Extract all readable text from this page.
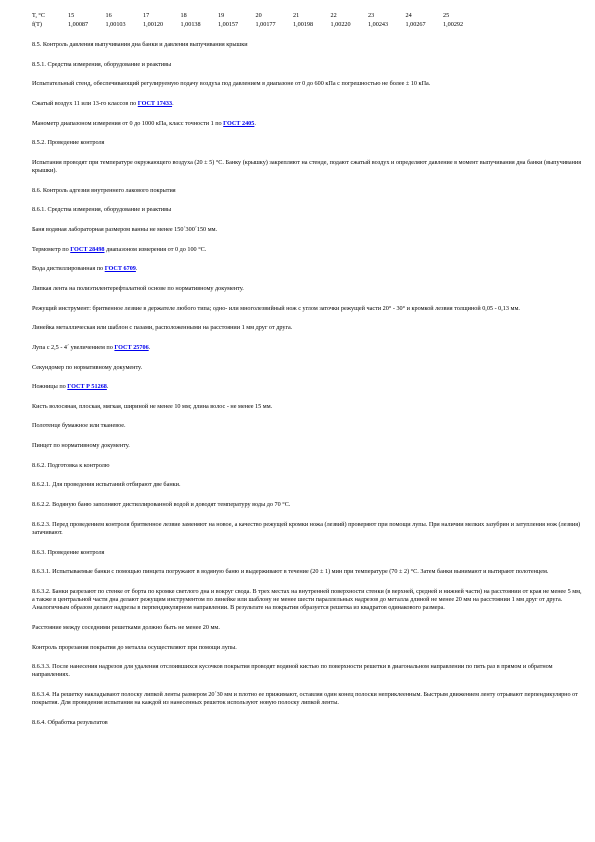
T, °C	15	16	17	18	19	20	21	22	23	24	25
f(T)	1,00087	1,00103	1,00120	1,00138	1,00157	1,00177	1,00198	1,00220	1,00243	1,00267	1,00292

8.5. Контроль давления выпучивания дна банки и давления выпучивания крышки

8.5.1. Средства измерения, оборудование и реактивы

Испытательный стенд, обеспечивающий регулируемую подачу воздуха под давлением в диапазоне от 0 до 600 кПа с погрешностью не более ± 10 кПа.

Сжатый воздух 11 или 13-го классов по ГОСТ 17433.

Манометр диапазоном измерения от 0 до 1000 кПа, класс точности 1 по ГОСТ 2405.

8.5.2. Проведение контроля

Испытания проводят при температуре окружающего воздуха (20 ± 5) °С. Банку (крышку) закрепляют на стенде, подают сжатый воздух и определяют давление в момент выпучивания дна банки (выпучивания крышки).

8.6. Контроль адгезии внутреннего лакового покрытия

8.6.1. Средства измерения, оборудование и реактивы

Баня водяная лабораторная размером ванны не менее 150´300´150 мм.

Термометр по ГОСТ 28498 диапазоном измерения от 0 до 100 °С.

Вода дистиллированная по ГОСТ 6709.

Липкая лента на полиэтилентерефталатной основе по нормативному документу.

Режущий инструмент: бритвенное лезвие в держателе любого типа; одно- или многолезвийный нож с углом заточки режущей части 20° - 30° и кромкой лезвия толщиной 0,05 - 0,13 мм.

Линейка металлическая или шаблон с пазами, расположенными на расстоянии 1 мм друг от друга.

Лупа с 2,5 - 4´ увеличением по ГОСТ 25706.

Секундомер по нормативному документу.

Ножницы по ГОСТ Р 51268.

Кисть волосяная, плоская, мягкая, шириной не менее 10 мм; длина волос - не менее 15 мм.

Полотенце бумажное или тканевое.

Пинцет по нормативному документу.

8.6.2. Подготовка к контролю

8.6.2.1. Для проведения испытаний отбирают две банки.

8.6.2.2. Водяную баню заполняют дистиллированной водой и доводят температуру воды до 70 °С.

8.6.2.3. Перед проведением контроля бритвенное лезвие заменяют на новое, а качество режущей кромки ножа (лезвий) проверяют при помощи лупы. При наличии мелких зазубрин и затупления нож (лезвия) затачивают.

8.6.3. Проведение контроля

8.6.3.1. Испытываемые банки с помощью пинцета погружают в водяную баню и выдерживают в течение (20 ± 1) мин при температуре (70 ± 2) °С. Затем банки вынимают и вытирают полотенцем.

8.6.3.2. Банки разрезают по стенке от борта по кромке светлого дна и вокруг свода. В трех местах на внутренней поверхности стенки (в верхней, средней и нижней части) на расстоянии от края не менее 5 мм, а также в центральной части дна делают режущим инструментом по линейке или шаблону не менее шести параллельных надрезов до металла длиной не менее 20 мм на расстоянии 1 мм друг от друга. Аналогичным образом делают надрезы в перпендикулярном направлении. В результате на покрытии образуется решетка из квадратов одинакового размера.

Расстояние между соседними решетками должно быть не менее 20 мм.

Контроль прорезания покрытия до металла осуществляют при помощи лупы.

8.6.3.3. После нанесения надрезов для удаления отслоившихся кусочков покрытия проводят водяной кистью по поверхности решетки в диагональном направлении по пять раз в прямом и обратном направлениях.

8.6.3.4. На решетку накладывают полоску липкой ленты размером 20´30 мм и плотно ее прижимают, оставляя один конец полоски неприклеенным. Быстрым движением ленту отрывают перпендикулярно от покрытия. Для проведения испытания на каждой из нанесенных решеток используют новую полоску липкой ленты.

8.6.4. Обработка результатов
